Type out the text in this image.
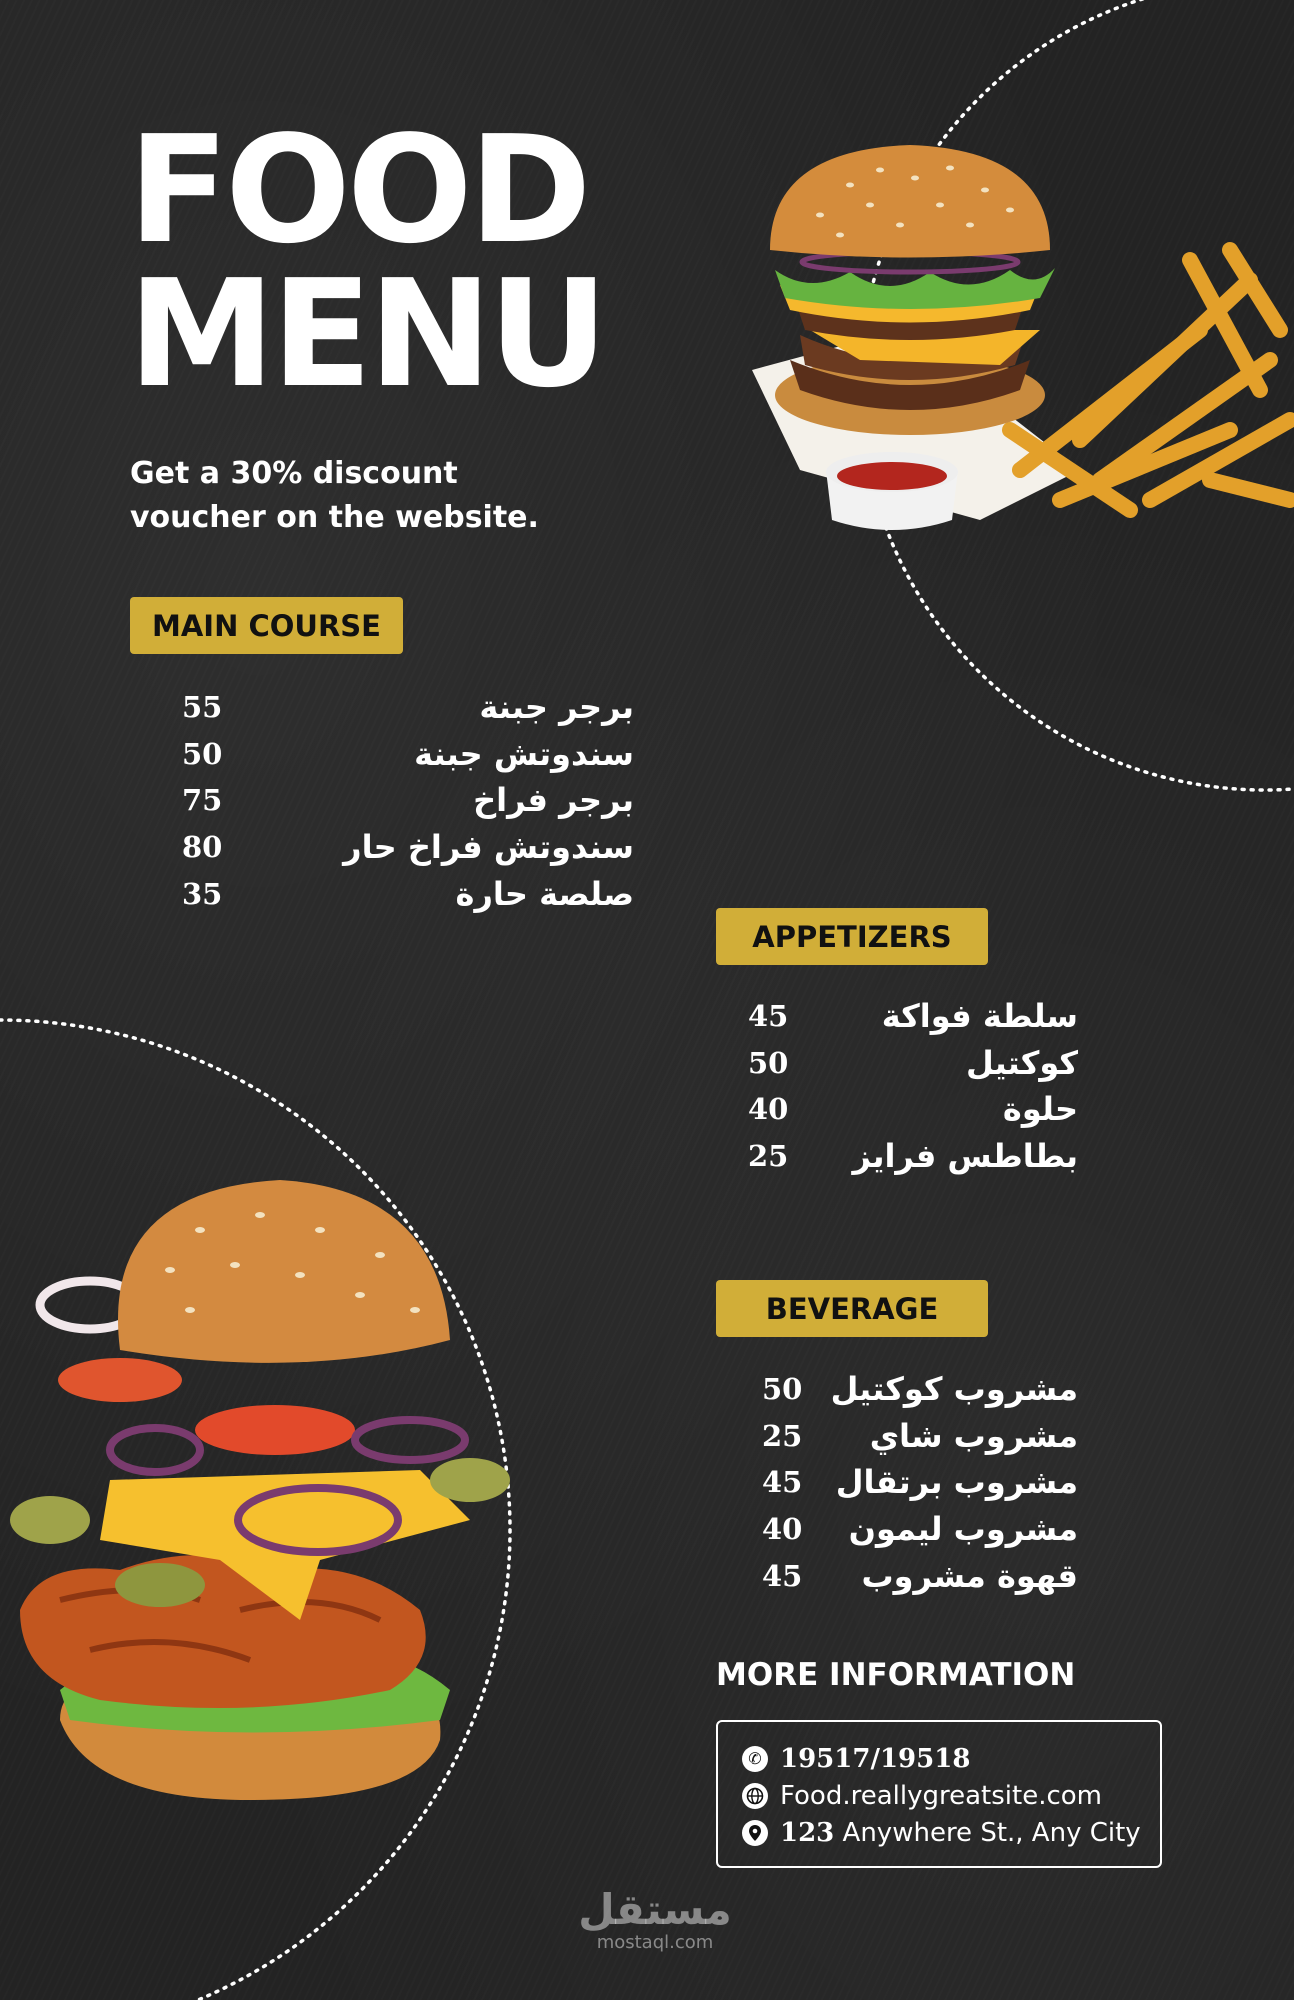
FOOD
MENU

Get a 30% discount voucher on the website.

MAIN COURSE
55	برجر جبنة
50	سندوتش جبنة
75	برجر فراخ
80	سندوتش فراخ حار
35	صلصة حارة
APPETIZERS
45	سلطة فواكة
50	كوكتيل
40	حلوة
25 بطاطس فرايز
BEVERAGE
50 مشروب كوكتيل
25 مشروب شاي
45 مشروب برتقال
40 مشروب ليمون
45 قهوة مشروب
MORE INFORMATION
✆ 19517/19518
Food.reallygreatsite.com
123
Anywhere St., Any City
مستقل
mostaql.com
